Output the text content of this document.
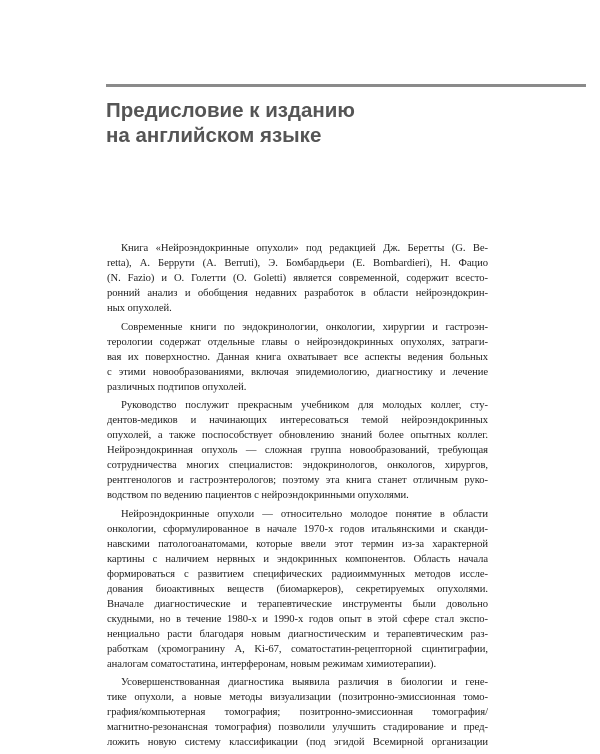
Предисловие к изданию
на английском языке
Книга «Нейроэндокринные опухоли» под редакцией Дж. Беретты (G. Be-
retta), А. Беррути (A. Berruti), Э. Бомбардьери (E. Bombardieri), Н. Фацио
(N. Fazio) и О. Голетти (O. Goletti) является современной, содержит всесто-
ронний анализ и обобщения недавних разработок в области нейроэндокрин-
ных опухолей.
Современные книги по эндокринологии, онкологии, хирургии и гастроэн-
терологии содержат отдельные главы о нейроэндокринных опухолях, затраги-
вая их поверхностно. Данная книга охватывает все аспекты ведения больных
с этими новообразованиями, включая эпидемиологию, диагностику и лечение
различных подтипов опухолей.
Руководство послужит прекрасным учебником для молодых коллег, сту-
дентов-медиков и начинающих интересоваться темой нейроэндокринных
опухолей, а также поспособствует обновлению знаний более опытных коллег.
Нейроэндокринная опухоль — сложная группа новообразований, требующая
сотрудничества многих специалистов: эндокринологов, онкологов, хирургов,
рентгенологов и гастроэнтерологов; поэтому эта книга станет отличным руко-
водством по ведению пациентов с нейроэндокринными опухолями.
Нейроэндокринные опухоли — относительно молодое понятие в области
онкологии, сформулированное в начале 1970-х годов итальянскими и сканди-
навскими патологоанатомами, которые ввели этот термин из-за характерной
картины с наличием нервных и эндокринных компонентов. Область начала
формироваться с развитием специфических радиоиммунных методов иссле-
дования биоактивных веществ (биомаркеров), секретируемых опухолями.
Вначале диагностические и терапевтические инструменты были довольно
скудными, но в течение 1980-х и 1990-х годов опыт в этой сфере стал экспо-
ненциально расти благодаря новым диагностическим и терапевтическим раз-
работкам (хромогранину А, Ki-67, соматостатин-рецепторной сцинтиграфии,
аналогам соматостатина, интерферонам, новым режимам химиотерапии).
Усовершенствованная диагностика выявила различия в биологии и гене-
тике опухоли, а новые методы визуализации (позитронно-эмиссионная томо-
графия/компьютерная томография; позитронно-эмиссионная томография/
магнитно-резонансная томография) позволили улучшить стадирование и пред-
ложить новую систему классификации (под эгидой Всемирной организации
